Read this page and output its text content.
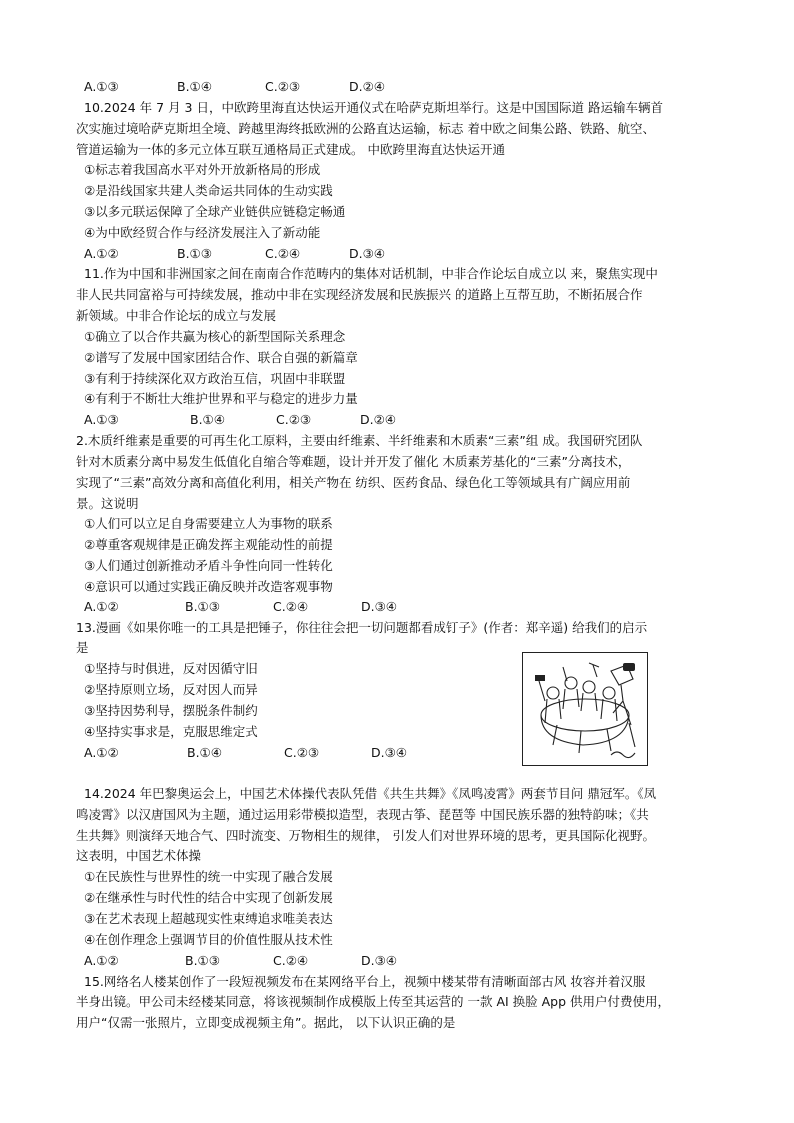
A.①③	B.①④	C.②③	D.②④
10.2024 年 7 月 3 日，中欧跨里海直达快运开通仪式在哈萨克斯坦举行。这是中国国际道 路运输车辆首
次实施过境哈萨克斯坦全境、跨越里海终抵欧洲的公路直达运输，标志 着中欧之间集公路、铁路、航空、
管道运输为一体的多元立体互联互通格局正式建成。 中欧跨里海直达快运开通
①标志着我国高水平对外开放新格局的形成
②是沿线国家共建人类命运共同体的生动实践
③以多元联运保障了全球产业链供应链稳定畅通
④为中欧经贸合作与经济发展注入了新动能
A.①②	B.①③	C.②④	D.③④
11.作为中国和非洲国家之间在南南合作范畴内的集体对话机制，中非合作论坛自成立以 来，聚焦实现中
非人民共同富裕与可持续发展，推动中非在实现经济发展和民族振兴 的道路上互帮互助，不断拓展合作
新领域。中非合作论坛的成立与发展
①确立了以合作共赢为核心的新型国际关系理念
②谱写了发展中国家团结合作、联合自强的新篇章
③有利于持续深化双方政治互信，巩固中非联盟
④有利于不断壮大维护世界和平与稳定的进步力量
A.①③	B.①④	C.②③	D.②④
2.木质纤维素是重要的可再生化工原料，主要由纤维素、半纤维素和木质素“三素”组 成。我国研究团队
针对木质素分离中易发生低值化自缩合等难题，设计并开发了催化 木质素芳基化的“三素”分离技术，
实现了“三素”高效分离和高值化利用，相关产物在 纺织、医药食品、绿色化工等领域具有广阔应用前
景。这说明
①人们可以立足自身需要建立人为事物的联系
②尊重客观规律是正确发挥主观能动性的前提
③人们通过创新推动矛盾斗争性向同一性转化
④意识可以通过实践正确反映并改造客观事物
A.①②	B.①③	C.②④	D.③④
13.漫画《如果你唯一的工具是把锤子，你往往会把一切问题都看成钉子》(作者：郑辛遥) 给我们的启示
是
①坚持与时俱进，反对因循守旧
②坚持原则立场，反对因人而异
③坚持因势利导，摆脱条件制约
④坚持实事求是，克服思维定式
A.①②	B.①④	C.②③	D.③④
14.2024 年巴黎奥运会上，中国艺术体操代表队凭借《共生共舞》《凤鸣凌霄》两套节目问 鼎冠军。《凤
鸣凌霄》以汉唐国风为主题，通过运用彩带模拟造型，表现古筝、琵琶等 中国民族乐器的独特韵味；《共
生共舞》则演绎天地合气、四时流变、万物相生的规律， 引发人们对世界环境的思考，更具国际化视野。
这表明，中国艺术体操
①在民族性与世界性的统一中实现了融合发展
②在继承性与时代性的结合中实现了创新发展
③在艺术表现上超越现实性束缚追求唯美表达
④在创作理念上强调节目的价值性服从技术性
A.①②	B.①③	C.②④	D.③④
15.网络名人楼某创作了一段短视频发布在某网络平台上，视频中楼某带有清晰面部古风 妆容并着汉服
半身出镜。甲公司未经楼某同意，将该视频制作成模版上传至其运营的 一款 AI 换脸 App 供用户付费使用，
用户“仅需一张照片，立即变成视频主角”。据此， 以下认识正确的是
